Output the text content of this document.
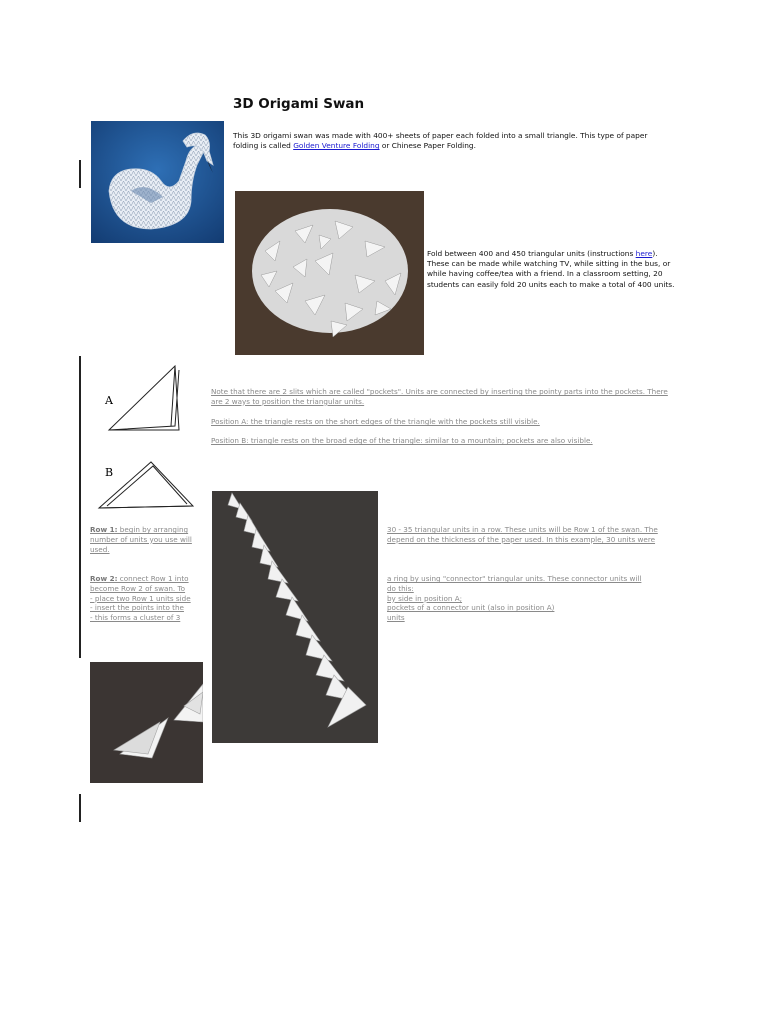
3D Origami Swan
This 3D origami swan was made with 400+ sheets of paper each folded into a small triangle. This type of paper folding is called Golden Venture Folding or Chinese Paper Folding.
Fold between 400 and 450 triangular units (instructions here). These can be made while watching TV, while sitting in the bus, or while having coffee/tea with a friend. In a classroom setting, 20 students can easily fold 20 units each to make a total of 400 units.
A
B
Note that there are 2 slits which are called "pockets". Units are connected by inserting the pointy parts into the pockets. There are 2 ways to position the triangular units.
Position A: the triangle rests on the short edges of the triangle with the pockets still visible.
Position B: triangle rests on the broad edge of the triangle: similar to a mountain; pockets are also visible.
Row 1: begin by arranging number of units you use will used.
30 - 35 triangular units in a row. These units will be Row 1 of the swan. The depend on the thickness of the paper used. In this example, 30 units were
Row 2: connect Row 1 into
become Row 2 of swan. To
- place two Row 1 units side
- insert the points into the
- this forms a cluster of 3
a ring by using "connector" triangular units. These connector units will
do this:
by side in position A;
pockets of a connector unit (also in position A)
units
